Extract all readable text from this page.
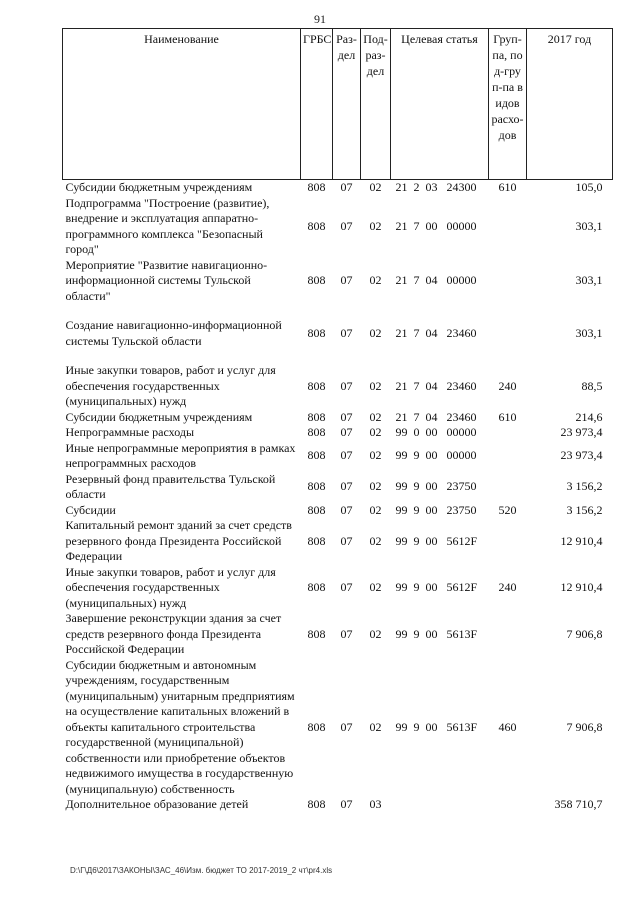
91
Наименование	ГРБС	Раз-дел	Под-раз-дел	Целевая статья	Груп-па, под-груп-па видов расхо-дов	2017 год
Субсидии бюджетным учреждениям	808	07	02	21  2  03   24300	610	105,0
Подпрограмма "Построение (развитие), внедрение и эксплуатация аппаратно-программного комплекса "Безопасный город"	808	07	02	21  7  00   00000		303,1
Мероприятие "Развитие навигационно-информационной системы Тульской области"	808	07	02	21  7  04   00000		303,1
Создание навигационно-информационной системы Тульской области	808	07	02	21  7  04   23460		303,1
Иные закупки товаров, работ и услуг для обеспечения государственных (муниципальных) нужд	808	07	02	21  7  04   23460	240	88,5
Субсидии бюджетным учреждениям	808	07	02	21  7  04   23460	610	214,6
Непрограммные расходы	808	07	02	99  0  00   00000		23 973,4
Иные непрограммные мероприятия в рамках непрограммных расходов	808	07	02	99  9  00   00000		23 973,4
Резервный фонд правительства Тульской области	808	07	02	99  9  00   23750		3 156,2
Субсидии	808	07	02	99  9  00   23750	520	3 156,2
Капитальный ремонт зданий за счет средств резервного фонда Президента Российской Федерации	808	07	02	99  9  00   5612F		12 910,4
Иные закупки товаров, работ и услуг для обеспечения государственных (муниципальных) нужд	808	07	02	99  9  00   5612F	240	12 910,4
Завершение реконструкции здания за счет средств резервного фонда Президента Российской Федерации	808	07	02	99  9  00   5613F		7 906,8
Субсидии бюджетным и автономным учреждениям, государственным (муниципальным) унитарным предприятиям на осуществление капитальных вложений в объекты капитального строительства государственной (муниципальной) собственности или приобретение объектов недвижимого имущества в государственную (муниципальную) собственность	808	07	02	99  9  00   5613F	460	7 906,8
Дополнительное образование детей	808	07	03			358 710,7
D:\Г\Д6\2017\ЗАКОНЫ\ЗАС_46\Изм. бюджет ТО 2017-2019_2 чт\pr4.xls
